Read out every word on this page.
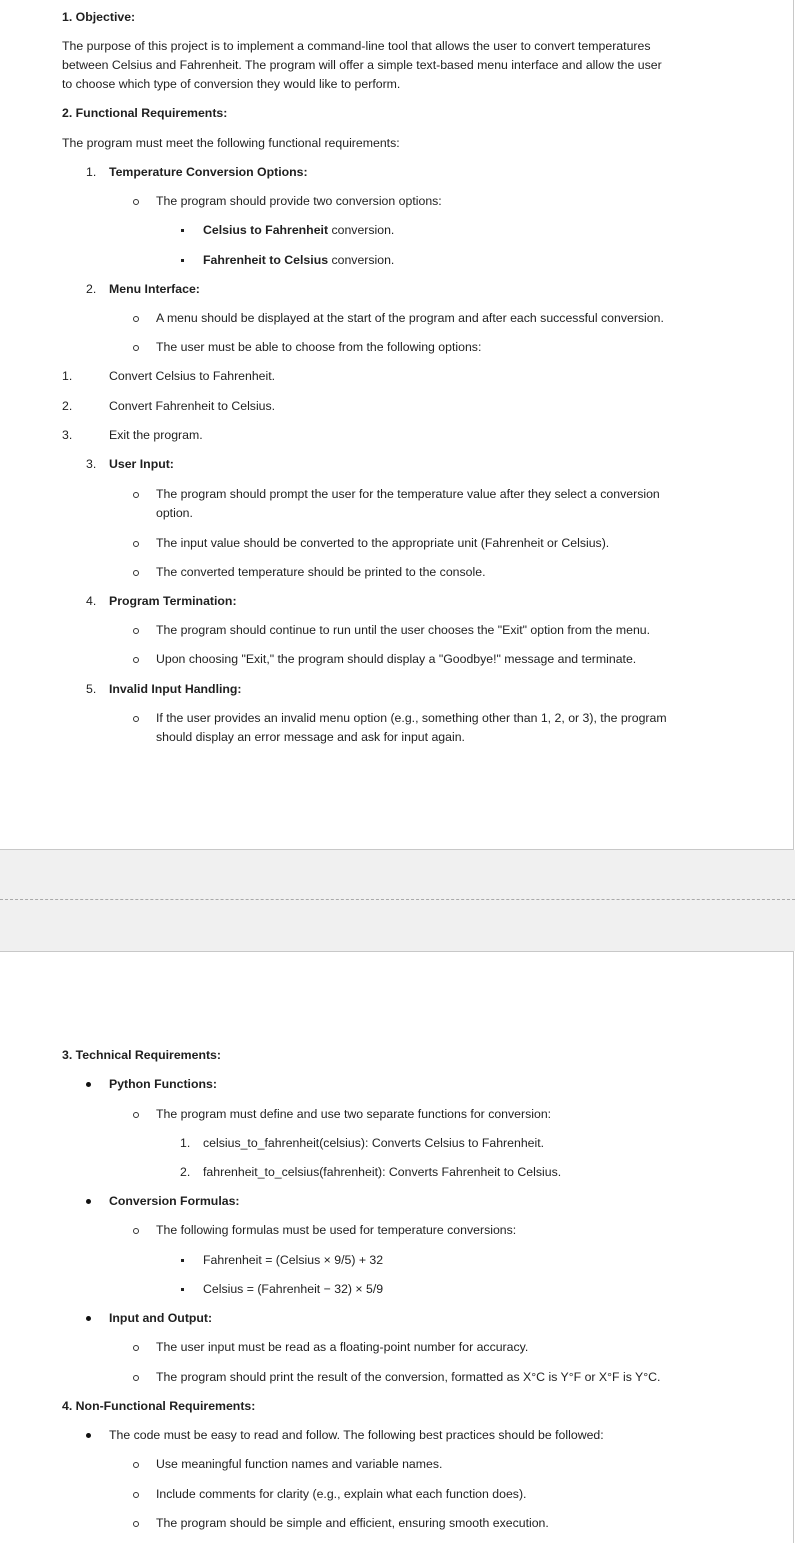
1. Objective:
The purpose of this project is to implement a command-line tool that allows the user to convert temperatures
between Celsius and Fahrenheit. The program will offer a simple text-based menu interface and allow the user
to choose which type of conversion they would like to perform.
2. Functional Requirements:
The program must meet the following functional requirements:
1. Temperature Conversion Options:
The program should provide two conversion options:
Celsius to Fahrenheit conversion.
Fahrenheit to Celsius conversion.
2. Menu Interface:
A menu should be displayed at the start of the program and after each successful conversion.
The user must be able to choose from the following options:
1.	Convert Celsius to Fahrenheit.
2.	Convert Fahrenheit to Celsius.
3.	Exit the program.
3. User Input:
The program should prompt the user for the temperature value after they select a conversion
option.
The input value should be converted to the appropriate unit (Fahrenheit or Celsius).
The converted temperature should be printed to the console.
4. Program Termination:
The program should continue to run until the user chooses the "Exit" option from the menu.
Upon choosing "Exit," the program should display a "Goodbye!" message and terminate.
5. Invalid Input Handling:
If the user provides an invalid menu option (e.g., something other than 1, 2, or 3), the program
should display an error message and ask for input again.
3. Technical Requirements:
Python Functions:
The program must define and use two separate functions for conversion:
1. celsius_to_fahrenheit(celsius): Converts Celsius to Fahrenheit.
2. fahrenheit_to_celsius(fahrenheit): Converts Fahrenheit to Celsius.
Conversion Formulas:
The following formulas must be used for temperature conversions:
Fahrenheit = (Celsius × 9/5) + 32
Celsius = (Fahrenheit − 32) × 5/9
Input and Output:
The user input must be read as a floating-point number for accuracy.
The program should print the result of the conversion, formatted as X°C is Y°F or X°F is Y°C.
4. Non-Functional Requirements:
The code must be easy to read and follow. The following best practices should be followed:
Use meaningful function names and variable names.
Include comments for clarity (e.g., explain what each function does).
The program should be simple and efficient, ensuring smooth execution.
